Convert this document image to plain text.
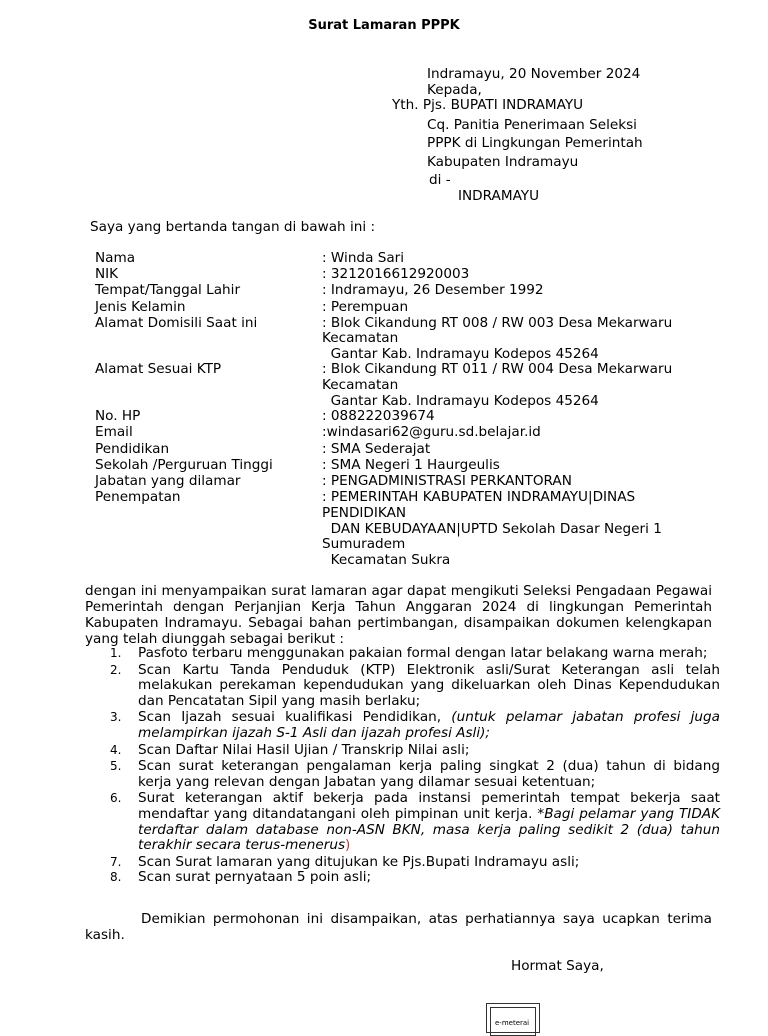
Surat Lamaran PPPK
Indramayu, 20 November 2024
Kepada,
Yth. Pjs. BUPATI INDRAMAYU
Cq. Panitia Penerimaan Seleksi
PPPK di Lingkungan Pemerintah
Kabupaten Indramayu
di -
INDRAMAYU
Saya yang bertanda tangan di bawah ini :
Nama	: Winda Sari
NIK	: 3212016612920003
Tempat/Tanggal Lahir	: Indramayu, 26 Desember 1992
Jenis Kelamin	: Perempuan
Alamat Domisili Saat ini	: Blok Cikandung RT 008 / RW 003 Desa Mekarwaru
Kecamatan
Gantar Kab. Indramayu Kodepos 45264
Alamat Sesuai KTP	: Blok Cikandung RT 011 / RW 004 Desa Mekarwaru
Kecamatan
Gantar Kab. Indramayu Kodepos 45264
No. HP	: 088222039674
Email	:windasari62@guru.sd.belajar.id
Pendidikan	: SMA Sederajat
Sekolah /Perguruan Tinggi	: SMA Negeri 1 Haurgeulis
Jabatan yang dilamar	: PENGADMINISTRASI PERKANTORAN
Penempatan	: PEMERINTAH KABUPATEN INDRAMAYU|DINAS
PENDIDIKAN
DAN KEBUDAYAAN|UPTD Sekolah Dasar Negeri 1
Sumuradem
Kecamatan Sukra
dengan ini menyampaikan surat lamaran agar dapat mengikuti Seleksi Pengadaan Pegawai Pemerintah dengan Perjanjian Kerja Tahun Anggaran 2024 di lingkungan Pemerintah Kabupaten Indramayu. Sebagai bahan pertimbangan, disampaikan dokumen kelengkapan yang telah diunggah sebagai berikut :
1. Pasfoto terbaru menggunakan pakaian formal dengan latar belakang warna merah;
2. Scan Kartu Tanda Penduduk (KTP) Elektronik asli/Surat Keterangan asli telah melakukan perekaman kependudukan yang dikeluarkan oleh Dinas Kependudukan dan Pencatatan Sipil yang masih berlaku;
3. Scan Ijazah sesuai kualifikasi Pendidikan, (untuk pelamar jabatan profesi juga melampirkan ijazah S-1 Asli dan ijazah profesi Asli);
4. Scan Daftar Nilai Hasil Ujian / Transkrip Nilai asli;
5. Scan surat keterangan pengalaman kerja paling singkat 2 (dua) tahun di bidang kerja yang relevan dengan Jabatan yang dilamar sesuai ketentuan;
6. Surat keterangan aktif bekerja pada instansi pemerintah tempat bekerja saat mendaftar yang ditandatangani oleh pimpinan unit kerja. *Bagi pelamar yang TIDAK terdaftar dalam database non-ASN BKN, masa kerja paling sedikit 2 (dua) tahun terakhir secara terus-menerus)
7. Scan Surat lamaran yang ditujukan ke Pjs.Bupati Indramayu asli;
8. Scan surat pernyataan 5 poin asli;
Demikian permohonan ini disampaikan, atas perhatiannya saya ucapkan terima kasih.
Hormat Saya,
e-meterai
